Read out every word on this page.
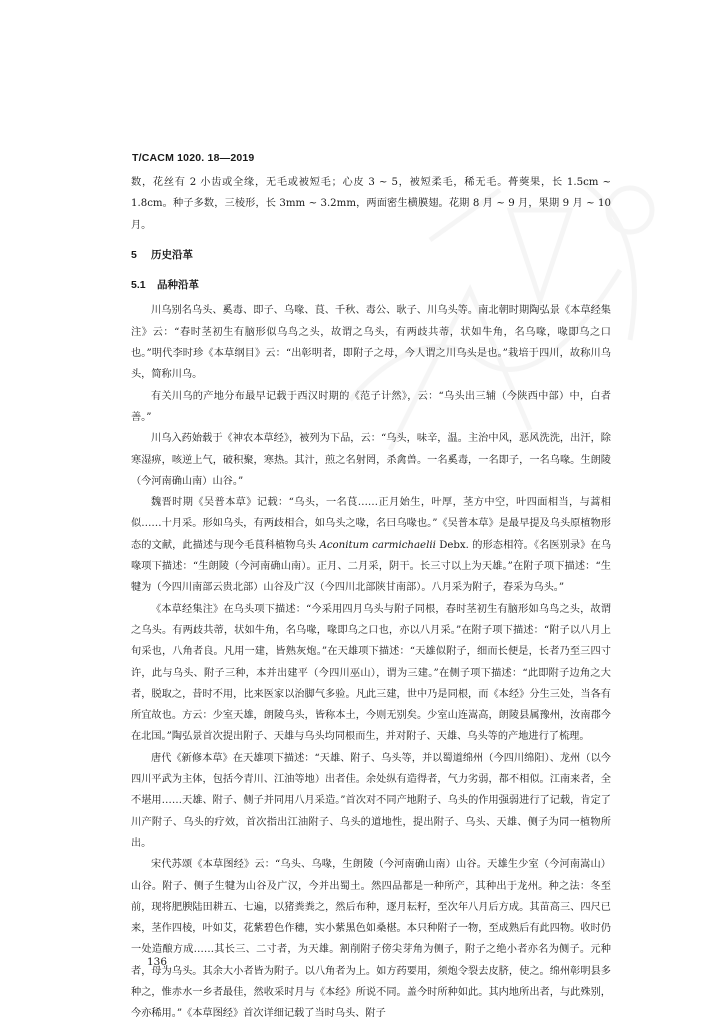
T/CACM 1020. 18—2019

数，花丝有 2 小齿或全缘，无毛或被短毛；心皮 3 ~ 5，被短柔毛，稀无毛。蓇葖果，长 1.5cm ~ 1.8cm。种子多数，三棱形，长 3mm ~ 3.2mm，两面密生横膜翅。花期 8 月 ~ 9 月，果期 9 月 ~ 10 月。

5 历史沿革

5.1 品种沿革

川乌别名乌头、奚毒、即子、乌喙、茛、千秋、毒公、耿子、川乌头等。南北朝时期陶弘景《本草经集注》云：“春时茎初生有脑形似乌鸟之头，故谓之乌头，有两歧共蒂，状如牛角，名乌喙，喙即乌之口也。”明代李时珍《本草纲目》云：“出彰明者，即附子之母，今人谓之川乌头是也。”栽培于四川，故称川乌头，简称川乌。

有关川乌的产地分布最早记载于西汉时期的《范子计然》，云：“乌头出三辅（今陕西中部）中，白者善。”

川乌入药始载于《神农本草经》，被列为下品，云：“乌头，味辛，温。主治中风，恶风洗洗，出汗，除寒湿痹，咳逆上气，破积聚，寒热。其汁，煎之名射罔，杀禽兽。一名奚毒，一名即子，一名乌喙。生朗陵（今河南确山南）山谷。”

魏晋时期《吴普本草》记载：“乌头，一名茛……正月始生，叶厚，茎方中空，叶四面相当，与蒿相似……十月采。形如乌头，有两歧相合，如乌头之喙，名曰乌喙也。”《吴普本草》是最早提及乌头原植物形态的文献，此描述与现今毛茛科植物乌头 Aconitum carmichaelii Debx. 的形态相符。《名医别录》在乌喙项下描述：“生朗陵（今河南确山南）。正月、二月采，阴干。长三寸以上为天雄。”在附子项下描述：“生犍为（今四川南部云贵北部）山谷及广汉（今四川北部陕甘南部）。八月采为附子，春采为乌头。”

《本草经集注》在乌头项下描述：“今采用四月乌头与附子同根，春时茎初生有脑形如乌鸟之头，故谓之乌头。有两歧共蒂，状如牛角，名乌喙，喙即乌之口也，亦以八月采。”在附子项下描述：“附子以八月上旬采也，八角者良。凡用一建，皆熟灰炮。”在天雄项下描述：“天雄似附子，细而长便是，长者乃至三四寸许，此与乌头、附子三种，本并出建平（今四川巫山），谓为三建。”在侧子项下描述：“此即附子边角之大者，脱取之，昔时不用，比来医家以治脚气多验。凡此三建，世中乃是同根，而《本经》分生三处，当各有所宜故也。方云：少室天雄，朗陵乌头，皆称本土，今则无别矣。少室山连嵩高，朗陵县属豫州，汝南郡今在北国。”陶弘景首次提出附子、天雄与乌头均同根而生，并对附子、天雄、乌头等的产地进行了梳理。

唐代《新修本草》在天雄项下描述：“天雄、附子、乌头等，并以蜀道绵州（今四川绵阳）、龙州（以今四川平武为主体，包括今青川、江油等地）出者佳。余处纵有造得者，气力劣弱，都不相似。江南来者，全不堪用……天雄、附子、侧子并同用八月采造。”首次对不同产地附子、乌头的作用强弱进行了记载，肯定了川产附子、乌头的疗效，首次指出江油附子、乌头的道地性，提出附子、乌头、天雄、侧子为同一植物所出。

宋代苏颂《本草图经》云：“乌头、乌喙，生朗陵（今河南确山南）山谷。天雄生少室（今河南嵩山）山谷。附子、侧子生犍为山谷及广汉，今并出蜀土。然四品都是一种所产，其种出于龙州。种之法：冬至前，现将肥腴陆田耕五、七遍，以猪粪粪之，然后布种，逐月耘籽，至次年八月后方成。其苗高三、四尺已来，茎作四棱，叶如艾，花紫碧色作穗，实小紫黑色如桑椹。本只种附子一物，至成熟后有此四物。收时仍一处造酿方成……其长三、二寸者，为天雄。割削附子傍尖芽角为侧子，附子之绝小者亦名为侧子。元种者，母为乌头。其余大小者皆为附子。以八角者为上。如方药要用，须炮令裂去皮脐，使之。绵州彰明县多种之，惟赤水一乡者最佳，然收采时月与《本经》所说不同。盖今时所种如此。其内地所出者，与此殊别，今亦稀用。”《本草图经》首次详细记载了当时乌头、附子

136
